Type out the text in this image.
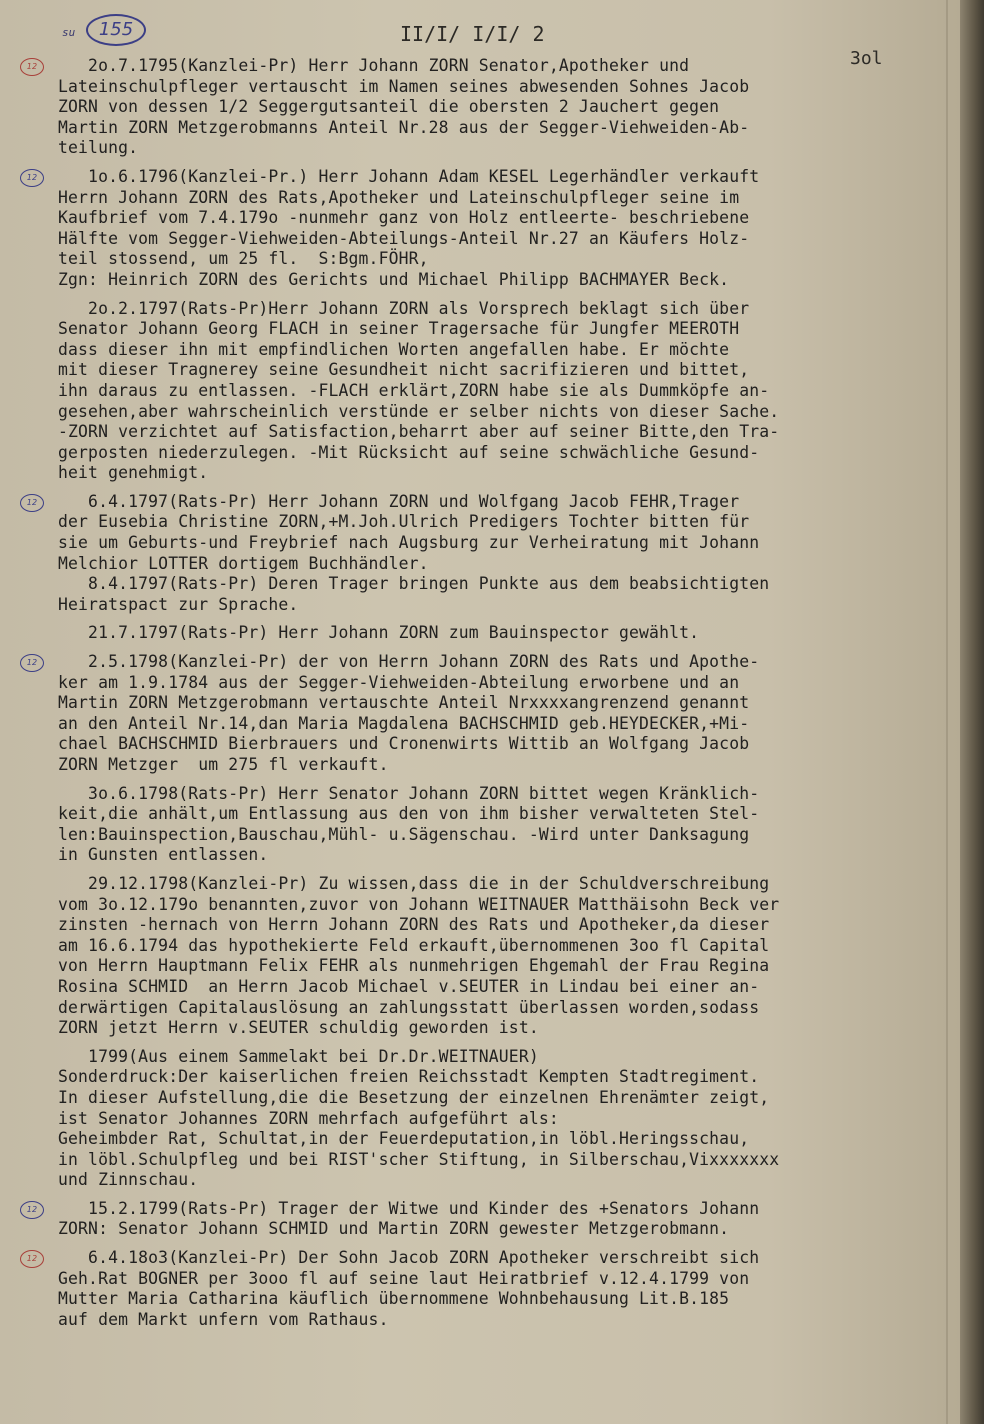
su	155	II/I/ I/I/ 2
3ol
12	2o.7.1795(Kanzlei-Pr) Herr Johann ZORN Senator,Apotheker und
Lateinschulpfleger vertauscht im Namen seines abwesenden Sohnes Jacob
ZORN von dessen 1/2 Seggergutsanteil die obersten 2 Jauchert gegen
Martin ZORN Metzgerobmanns Anteil Nr.28 aus der Segger-Viehweiden-Ab-
teilung.
12	1o.6.1796(Kanzlei-Pr.) Herr Johann Adam KESEL Legerhändler verkauft
Herrn Johann ZORN des Rats,Apotheker und Lateinschulpfleger seine im
Kaufbrief vom 7.4.179o -nunmehr ganz von Holz entleerte- beschriebene
Hälfte vom Segger-Viehweiden-Abteilungs-Anteil Nr.27 an Käufers Holz-
teil stossend, um 25 fl.  S:Bgm.FÖHR,
Zgn: Heinrich ZORN des Gerichts und Michael Philipp BACHMAYER Beck.
2o.2.1797(Rats-Pr)Herr Johann ZORN als Vorsprech beklagt sich über
Senator Johann Georg FLACH in seiner Tragersache für Jungfer MEEROTH
dass dieser ihn mit empfindlichen Worten angefallen habe. Er möchte
mit dieser Tragnerey seine Gesundheit nicht sacrifizieren und bittet,
ihn daraus zu entlassen. -FLACH erklärt,ZORN habe sie als Dummköpfe an-
gesehen,aber wahrscheinlich verstünde er selber nichts von dieser Sache.
-ZORN verzichtet auf Satisfaction,beharrt aber auf seiner Bitte,den Tra-
gerposten niederzulegen. -Mit Rücksicht auf seine schwächliche Gesund-
heit genehmigt.
12	6.4.1797(Rats-Pr) Herr Johann ZORN und Wolfgang Jacob FEHR,Trager
der Eusebia Christine ZORN,+M.Joh.Ulrich Predigers Tochter bitten für
sie um Geburts-und Freybrief nach Augsburg zur Verheiratung mit Johann
Melchior LOTTER dortigem Buchhändler.
8.4.1797(Rats-Pr) Deren Trager bringen Punkte aus dem beabsichtigten
Heiratspact zur Sprache.
21.7.1797(Rats-Pr) Herr Johann ZORN zum Bauinspector gewählt.
12	2.5.1798(Kanzlei-Pr) der von Herrn Johann ZORN des Rats und Apothe-
ker am 1.9.1784 aus der Segger-Viehweiden-Abteilung erworbene und an
Martin ZORN Metzgerobmann vertauschte Anteil Nrxxxxangrenzend genannt
an den Anteil Nr.14,dan Maria Magdalena BACHSCHMID geb.HEYDECKER,+Mi-
chael BACHSCHMID Bierbrauers und Cronenwirts Wittib an Wolfgang Jacob
ZORN Metzger  um 275 fl verkauft.
3o.6.1798(Rats-Pr) Herr Senator Johann ZORN bittet wegen Kränklich-
keit,die anhält,um Entlassung aus den von ihm bisher verwalteten Stel-
len:Bauinspection,Bauschau,Mühl- u.Sägenschau. -Wird unter Danksagung
in Gunsten entlassen.
29.12.1798(Kanzlei-Pr) Zu wissen,dass die in der Schuldverschreibung
vom 3o.12.179o benannten,zuvor von Johann WEITNAUER Matthäisohn Beck ver
zinsten -hernach von Herrn Johann ZORN des Rats und Apotheker,da dieser
am 16.6.1794 das hypothekierte Feld erkauft,übernommenen 3oo fl Capital
von Herrn Hauptmann Felix FEHR als nunmehrigen Ehgemahl der Frau Regina
Rosina SCHMID  an Herrn Jacob Michael v.SEUTER in Lindau bei einer an-
derwärtigen Capitalauslösung an zahlungsstatt überlassen worden,sodass
ZORN jetzt Herrn v.SEUTER schuldig geworden ist.
1799(Aus einem Sammelakt bei Dr.Dr.WEITNAUER)
Sonderdruck:Der kaiserlichen freien Reichsstadt Kempten Stadtregiment.
In dieser Aufstellung,die die Besetzung der einzelnen Ehrenämter zeigt,
ist Senator Johannes ZORN mehrfach aufgeführt als:
Geheimbder Rat, Schultat,in der Feuerdeputation,in löbl.Heringsschau,
in löbl.Schulpfleg und bei RIST'scher Stiftung, in Silberschau,Vixxxxxxx
und Zinnschau.
12	15.2.1799(Rats-Pr) Trager der Witwe und Kinder des +Senators Johann
ZORN: Senator Johann SCHMID und Martin ZORN gewester Metzgerobmann.
12	6.4.18o3(Kanzlei-Pr) Der Sohn Jacob ZORN Apotheker verschreibt sich
Geh.Rat BOGNER per 3ooo fl auf seine laut Heiratbrief v.12.4.1799 von
Mutter Maria Catharina käuflich übernommene Wohnbehausung Lit.B.185
auf dem Markt unfern vom Rathaus.
